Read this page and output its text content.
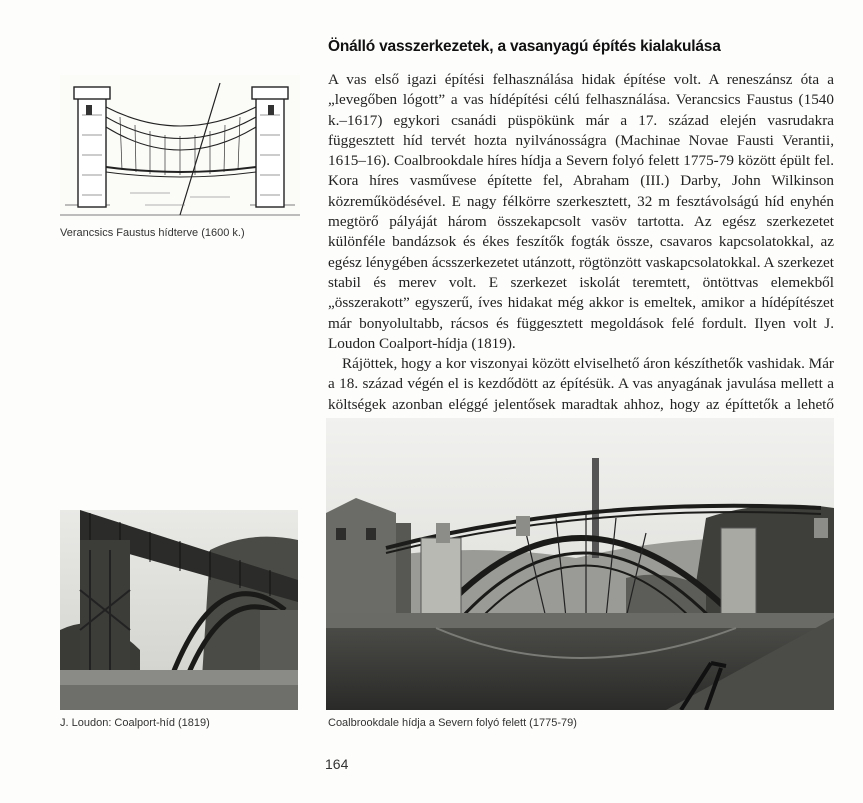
Önálló vasszerkezetek, a vasanyagú építés kialakulása

A vas első igazi építési felhasználása hidak építése volt. A reneszánsz óta a „levegőben lógott” a vas hídépítési célú felhasználása. Verancsics Faustus (1540 k.–1617) egykori csanádi püspökünk már a 17. század elején vasrudakra függesztett híd tervét hozta nyilvánosságra (Machinae Novae Fausti Verantii, 1615–16). Coalbrookdale híres hídja a Severn folyó felett 1775-79 között épült fel. Kora híres vasművese építette fel, Abraham (III.) Darby, John Wilkinson közreműködésével. E nagy félkörre szerkesztett, 32 m fesztávolságú híd enyhén megtörő pályáját három összekapcsolt vasöv tartotta. Az egész szerkezetet különféle bandázsok és ékes feszítők fogták össze, csavaros kapcsolatokkal, az egész lénygében ácsszerkezetet utánzott, rögtönzött vaskapcsolatokkal. A szerkezet stabil és merev volt. E szerkezet iskolát teremtett, öntöttvas elemekből „összerakott” egyszerű, íves hidakat még akkor is emeltek, amikor a hídépítészet már bonyolultabb, rácsos és függesztett megoldások felé fordult. Ilyen volt J. Loudon Coalport-hídja (1819).

Rájöttek, hogy a kor viszonyai között elviselhető áron készíthetők vashidak. Már a 18. század végén el is kezdődött az építésük. A vas anyagának javulása mellett a költségek azonban eléggé jelentősek maradtak ahhoz, hogy az építtetők a lehető

Verancsics Faustus hídterve (1600 k.)
J. Loudon: Coalport-híd (1819)	Coalbrookdale hídja a Severn folyó felett (1775-79)
164
